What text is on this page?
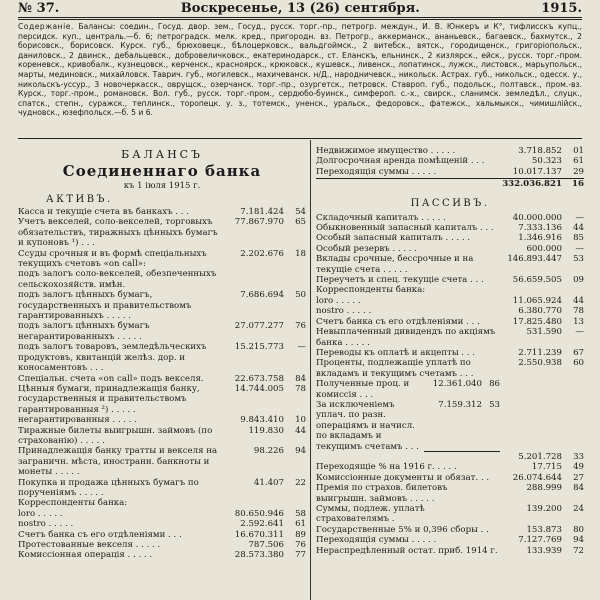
№ 37.	Воскресенье, 13 (26) сентября.	1915.
Содержаніе. Балансы: соедин., Госуд. двор. зем., Госуд., русск. торг.-пр., петрогр. междун., И. В. Юнкеръ и К°, тифлисскъ купц., персидск. куп., централь.—б. 6; петроградск. мелк. кред., пригородн. вз. Петрогр., аккерманск., ананьевск., багаевск., бахмутск., 2 борисовск., борисовск. Курск. губ., брюховецк., бѣлоцерковск., вальдгоймск., 2 витебск., вятск., городищенск., григоріопольск., даниловск., 2 двинск., дебальцевск., добровеличковск., екатеринодарск., ст. Еланскъ, ельнинск., 2 кизлярск., ейск., русск. торг.-пром. кореневск., кривобалк., кузнецовск., керченск., красноярск., крюковск., кушевск., ливенск., лопатинск., лужск., листовск., марьупольск., марты, мединовск., михайловск. Таврич. губ., могилевск., махичеванск. н/Д., народничевск., никольск. Астрах. губ., никольск., одесск. у., никольскъ-уссур., 3 новочеркасск., оврущск., озерчанск. торг.-пр., озургетск., петровск. Ставроп. губ., подольск., полтавск., пром.-вз. Курск., торг.-пром., романовск. Вол. губ., русск. торг.-пром., сердюбо-буинск., симфероп. с.-х., свирск., сланимск. земледѣл., слуцк., спатск., степн., суражск., теплинск., торопецк. у. з., тотемск., уненск., уральск., федоровск., фатежск., хальмыкск., чимишлійск., чудновск., юзефпольск.—б. 5 и 6.
БАЛАНСЪ
Соединеннаго банка
къ 1 іюля 1915 г.
АКТИВЪ.
Касса и текущіе счета въ банкахъ . . .	7.181.424	54
Учетъ векселей, соло-векселей, торговыхъ обязательствъ, тиражныхъ цѣнныхъ бумагъ и купоновъ ¹) . . .
77.867.970	65
Ссуды срочныя и въ формѣ спеціальныхъ текущихъ счетовъ «on call»:
подъ залогъ соло-векселей, обезпеченныхъ сельскохозяйств. имѣн.
2.202.676	18
подъ залогъ цѣнныхъ бумагъ, государственныхъ и правительствомъ гарантированныхъ . . . . .
7.686.694	50
подъ залогъ цѣнныхъ бумагъ негарантированныхъ . . . . .
27.077.277	76
подъ залогъ товаровъ, земледѣльческихъ продуктовъ, квитанцій желѣз. дор. и коносаментовъ . . .
15.215.773	—
Спеціальн. счета «on call» подъ векселя.	22.673.758	84
Цѣнныя бумаги, принадлежащія банку, государственныя и правительствомъ гарантированныя ²) . . . . .
14.744.005	78
негарантированныя . . . . .	9.843.410	10
Тиражные билеты выигрышн. займовъ (по страхованію) . . . . .
119.830	44
Принадлежащія банку тратты и векселя на заграничн. мѣста, иностранн. банкноты и монеты . . . . .
98.226	94
Покупка и продажа цѣнныхъ бумагъ по порученіямъ . . . . .
41.407	22
Корреспонденты банка:
loro . . . . .	80.650.946	58
nostro . . . . .	2.592.641	61
Счетъ банка съ его отдѣленіями . . .	16.670.311	89
Протестованные векселя . . . . .	787.506	76
Комиссіонная операція . . . . .	28.573.380	77
Недвижимое имущество . . . . .	3.718.852	01
Долгосрочная аренда помѣщеній . . .	50.323	61
Переходящія суммы . . . . .	10.017.137	29
332.036.821	16
ПАССИВЪ.
Складочный капиталъ . . . . .	40.000.000	—
Обыкновенный запасный капиталъ . . .	7.333.136	44
Особый запасный капиталъ . . . . .	1.346.916	85
Особый резервъ . . . . .	600.000	—
Вклады срочные, бессрочные и на текущіе счета . . . . .
146.893.447	53
Переучетъ и спец. текущіе счета . . .	56.659.505	09
Корреспонденты банка:
loro . . . . .	11.065.924	44
nostro . . . . .	6.380.770	78
Счетъ банка съ его отдѣленіями . . .	17.825.480	13
Невыплаченный дивидендъ по акціямъ банка . . . . .
531.590	—
Переводы къ оплатѣ и акцепты . . .	2.711.239	67
Проценты, подлежащіе уплатѣ по вкладамъ и текущимъ счетамъ . . .
2.550.938	60
Полученные проц. и комиссія . . .
12.361.040 86
За исключеніемъ уплач. по разн. операціямъ и начисл. по вкладамъ и текущимъ счетамъ . . .
7.159.312 53
5.201.728	33
Переходящіе % на 1916 г. . . . .	17.715	49
Комиссіонные документы и обязат. . .	26.074.644	27
Премія по страхов. билетовъ выигрышн. займовъ . . . . .
288.999	84
Суммы, подлеж. уплатѣ страхователямъ .
139.200	24
Государственные 5% и 0,396 сборы . .	153.873	80
Переходящія суммы . . . . .	7.127.769	94
Нераспредѣленный остат. приб. 1914 г.	133.939	72
